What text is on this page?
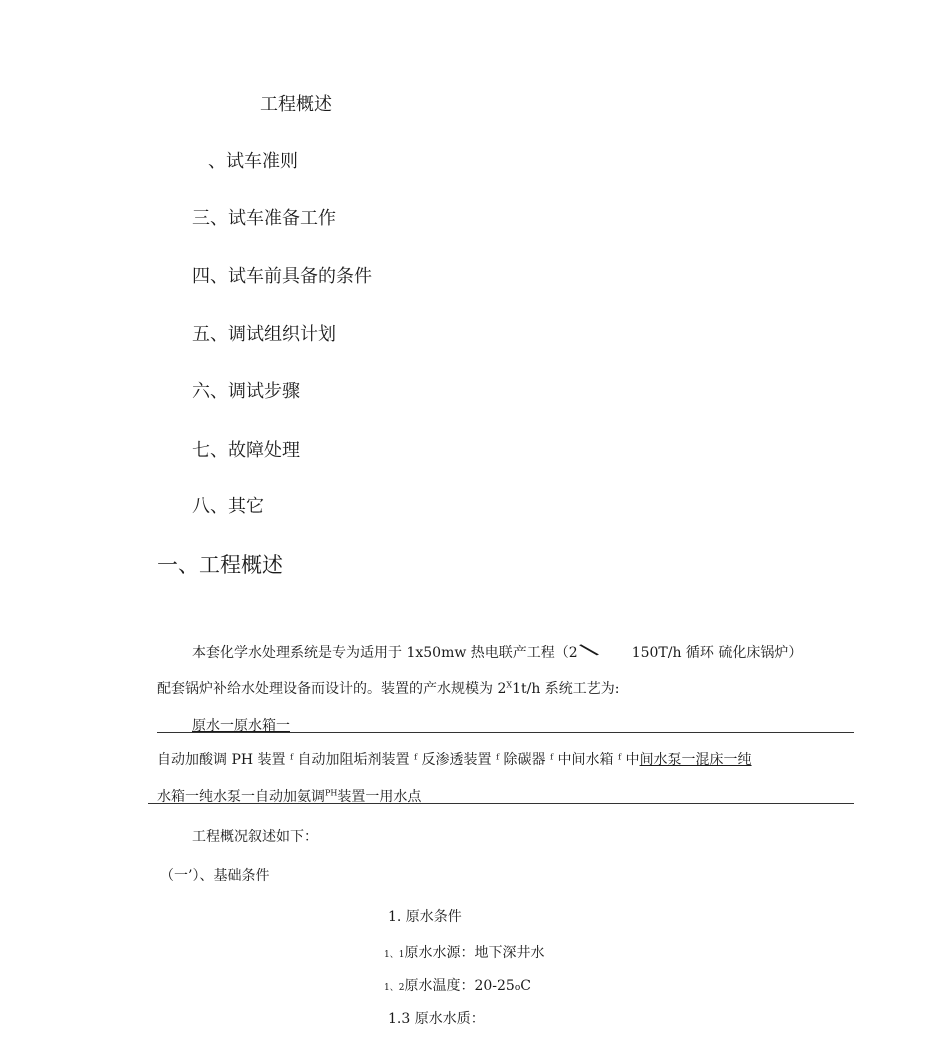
工程概述

、试车准则

三、试车准备工作

四、试车前具备的条件

五、调试组织计划

六、调试步骤

七、故障处理

八、其它

一、工程概述

本套化学水处理系统是专为适用于 1x50mw 热电联产工程（2⟍ 150T/h 循环 硫化床锅炉）

配套锅炉补给水处理设备而设计的。装置的产水规模为 $2^X1t/h$ 系统工艺为:

原水一原水箱一

自动加酸调 PH 装置 ᶠ 自动加阻垢剂装置 ᶠ 反渗透装置 ᶠ 除碳器 ᶠ 中间水箱 ᶠ 中间水泵一混床一纯

水箱一纯水泵一自动加氨调$^{PH}$装置一用水点

工程概况叙述如下：

（一’）、基础条件

1. 原水条件

1、1原水水源：地下深井水

1、2原水温度：20-25oC

1.3 原水水质：
